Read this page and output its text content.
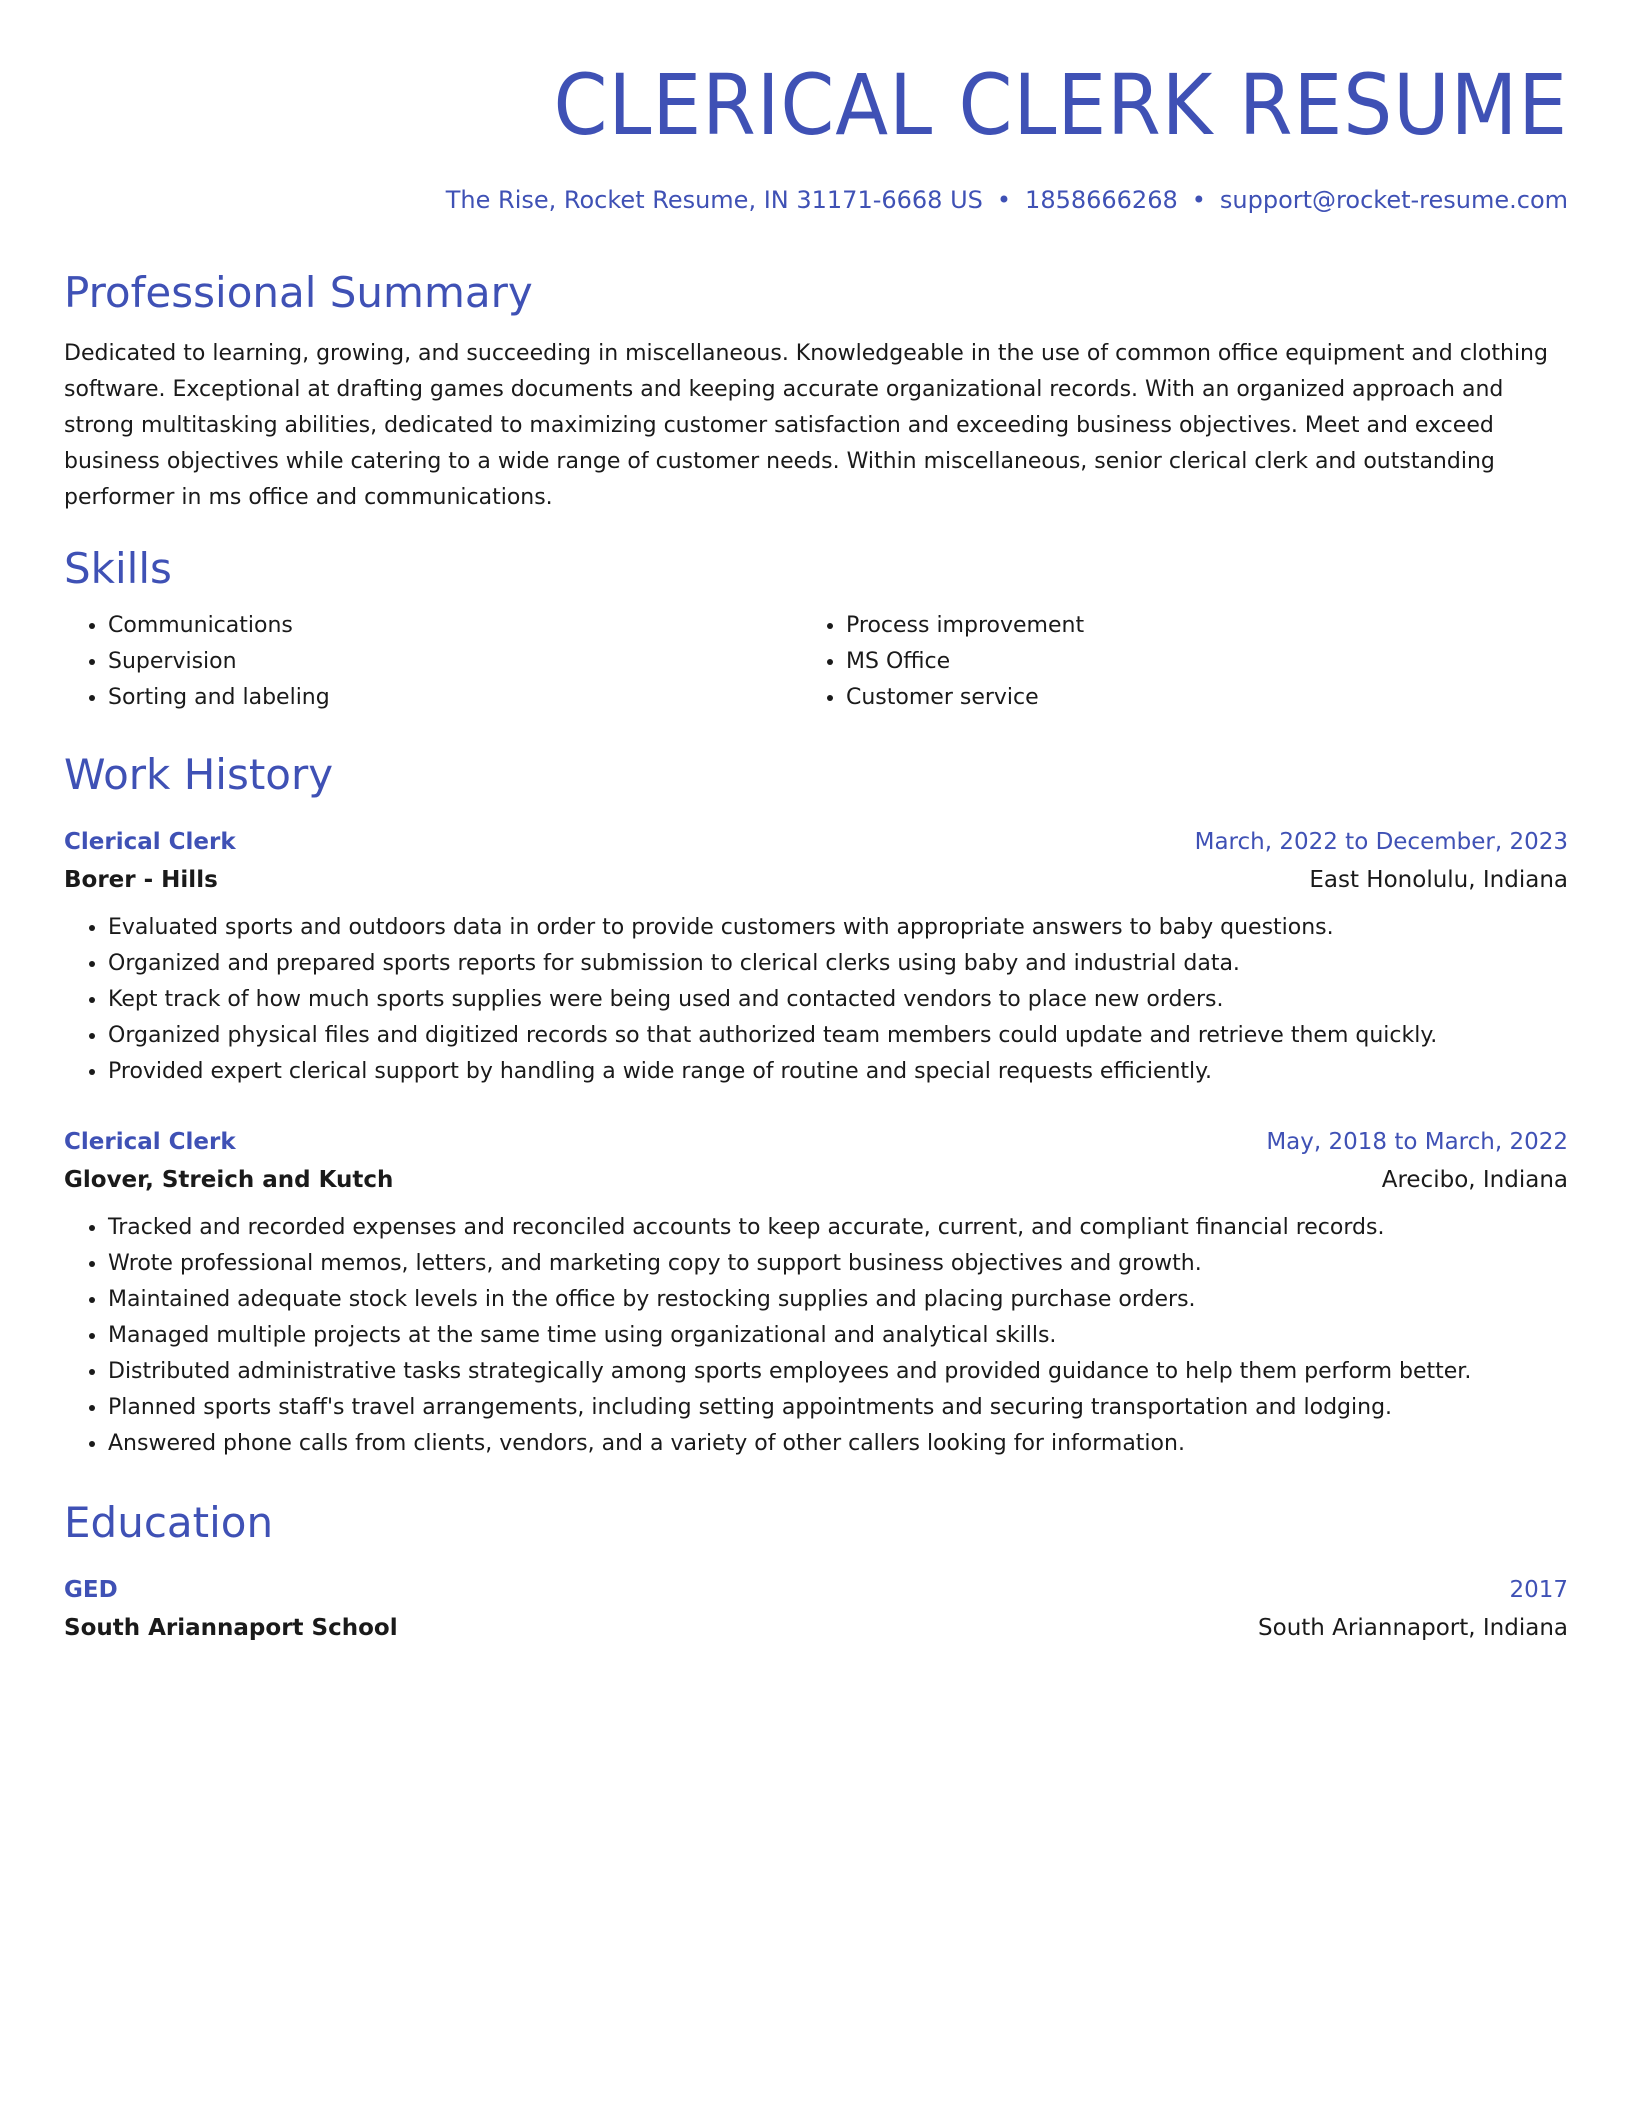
CLERICAL CLERK RESUME
The Rise, Rocket Resume, IN 31171-6668 US • 1858666268 • support@rocket-resume.com
Professional Summary

Dedicated to learning, growing, and succeeding in miscellaneous. Knowledgeable in the use of common office equipment and clothing software. Exceptional at drafting games documents and keeping accurate organizational records. With an organized approach and strong multitasking abilities, dedicated to maximizing customer satisfaction and exceeding business objectives. Meet and exceed business objectives while catering to a wide range of customer needs. Within miscellaneous, senior clerical clerk and outstanding performer in ms office and communications.

Skills
• Communications
• Supervision
• Sorting and labeling
• Process improvement
• MS Office
• Customer service
Work History
Clerical Clerk	March, 2022 to December, 2023
Borer - Hills	East Honolulu, Indiana
• Evaluated sports and outdoors data in order to provide customers with appropriate answers to baby questions.
• Organized and prepared sports reports for submission to clerical clerks using baby and industrial data.
• Kept track of how much sports supplies were being used and contacted vendors to place new orders.
• Organized physical files and digitized records so that authorized team members could update and retrieve them quickly.
• Provided expert clerical support by handling a wide range of routine and special requests efficiently.
Clerical Clerk	May, 2018 to March, 2022
Glover, Streich and Kutch	Arecibo, Indiana
• Tracked and recorded expenses and reconciled accounts to keep accurate, current, and compliant financial records.
• Wrote professional memos, letters, and marketing copy to support business objectives and growth.
• Maintained adequate stock levels in the office by restocking supplies and placing purchase orders.
• Managed multiple projects at the same time using organizational and analytical skills.
• Distributed administrative tasks strategically among sports employees and provided guidance to help them perform better.
• Planned sports staff's travel arrangements, including setting appointments and securing transportation and lodging.
• Answered phone calls from clients, vendors, and a variety of other callers looking for information.
Education
GED	2017
South Ariannaport School	South Ariannaport, Indiana
